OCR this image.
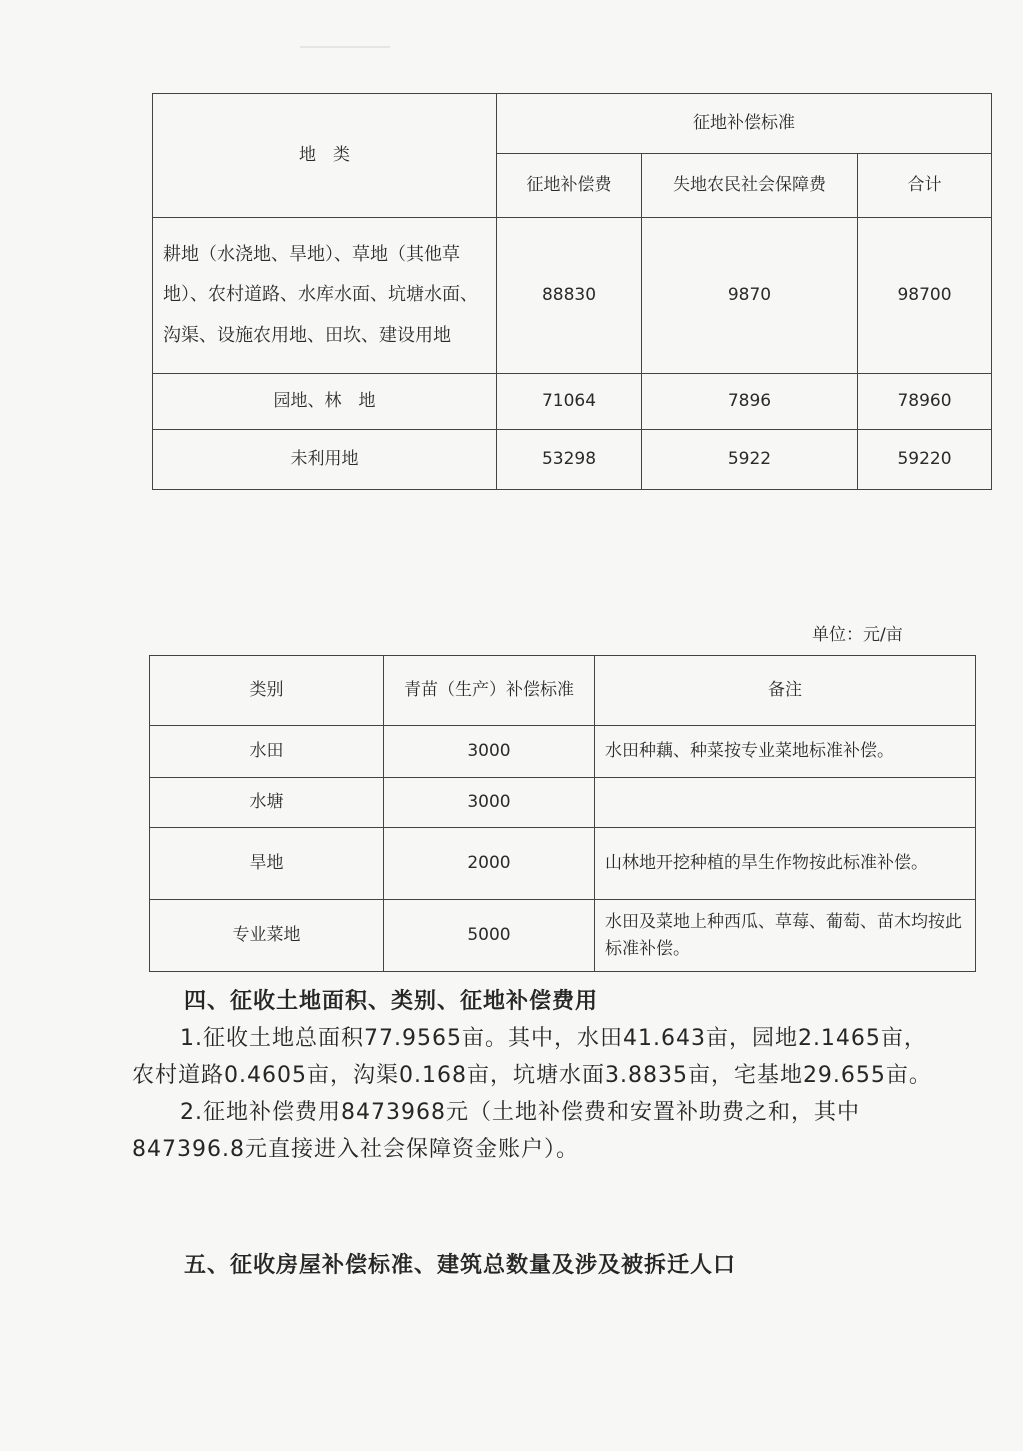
地　类	征地补偿标准		
	征地补偿费	失地农民社会保障费	合计
耕地（水浇地、旱地）、草地（其他草地）、农村道路、水库水面、坑塘水面、沟渠、设施农用地、田坎、建设用地	88830	9870	98700
园地、林　地	71064	7896	78960
未利用地	53298	5922	59220
单位：元/亩
类别	青苗（生产）补偿标准	备注
水田	3000	水田种藕、种菜按专业菜地标准补偿。
水塘	3000	
旱地	2000	山林地开挖种植的旱生作物按此标准补偿。
专业菜地	5000	水田及菜地上种西瓜、草莓、葡萄、苗木均按此标准补偿。
四、征收土地面积、类别、征地补偿费用
1.征收土地总面积77.9565亩。其中，水田41.643亩，园地2.1465亩，农村道路0.4605亩，沟渠0.168亩，坑塘水面3.8835亩，宅基地29.655亩。
2.征地补偿费用8473968元（土地补偿费和安置补助费之和，其中847396.8元直接进入社会保障资金账户）。
五、征收房屋补偿标准、建筑总数量及涉及被拆迁人口
